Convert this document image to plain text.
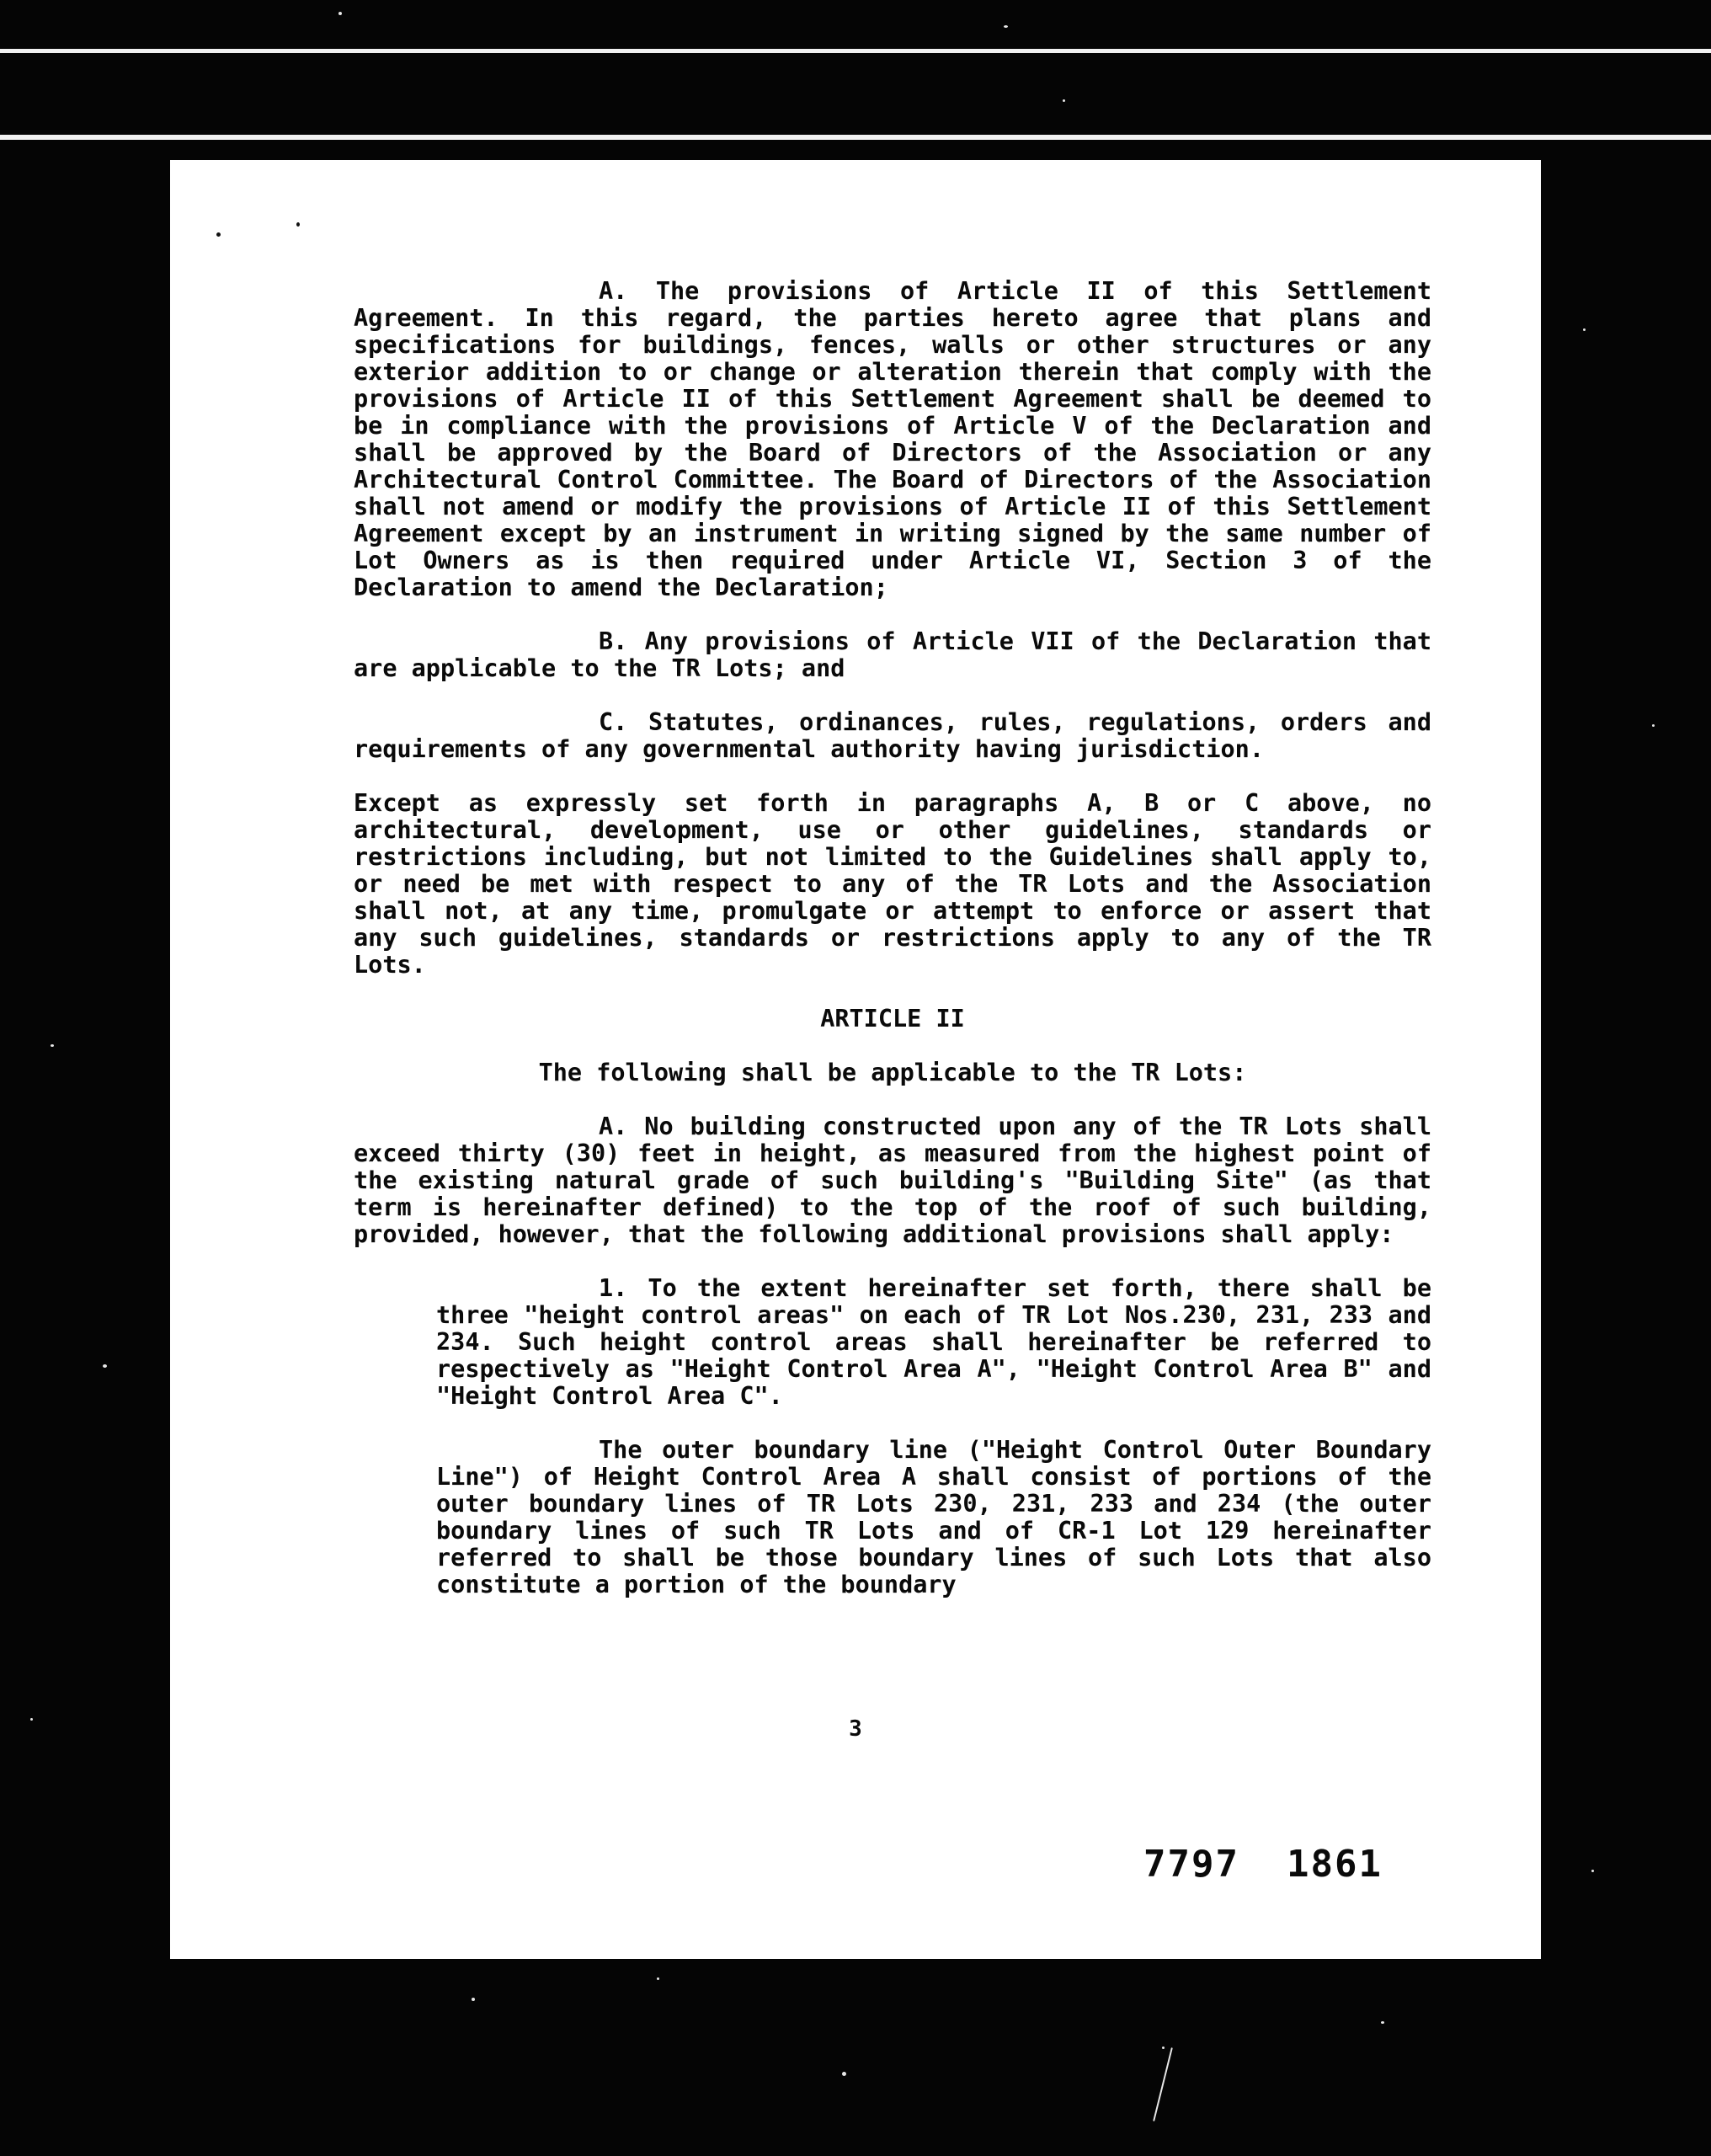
A. The provisions of Article II of this Settlement Agreement. In this regard, the parties hereto agree that plans and specifications for buildings, fences, walls or other structures or any exterior addition to or change or alteration therein that comply with the provisions of Article II of this Settlement Agreement shall be deemed to be in compliance with the provisions of Article V of the Declaration and shall be approved by the Board of Directors of the Association or any Architectural Control Committee. The Board of Directors of the Association shall not amend or modify the provisions of Article II of this Settlement Agreement except by an instrument in writing signed by the same number of Lot Owners as is then required under Article VI, Section 3 of the Declaration to amend the Declaration;

B. Any provisions of Article VII of the Declaration that are applicable to the TR Lots; and

C. Statutes, ordinances, rules, regulations, orders and requirements of any governmental authority having jurisdiction.

Except as expressly set forth in paragraphs A, B or C above, no architectural, development, use or other guidelines, standards or restrictions including, but not limited to the Guidelines shall apply to, or need be met with respect to any of the TR Lots and the Association shall not, at any time, promulgate or attempt to enforce or assert that any such guidelines, standards or restrictions apply to any of the TR Lots.

ARTICLE II

The following shall be applicable to the TR Lots:

A. No building constructed upon any of the TR Lots shall exceed thirty (30) feet in height, as measured from the highest point of the existing natural grade of such building's "Building Site" (as that term is hereinafter defined) to the top of the roof of such building, provided, however, that the following additional provisions shall apply:

1. To the extent hereinafter set forth, there shall be three "height control areas" on each of TR Lot Nos.230, 231, 233 and 234. Such height control areas shall hereinafter be referred to respectively as "Height Control Area A", "Height Control Area B" and "Height Control Area C".

The outer boundary line ("Height Control Outer Boundary Line") of Height Control Area A shall consist of portions of the outer boundary lines of TR Lots 230, 231, 233 and 234 (the outer boundary lines of such TR Lots and of CR-1 Lot 129 hereinafter referred to shall be those boundary lines of such Lots that also constitute a portion of the boundary

3
7797 1861
